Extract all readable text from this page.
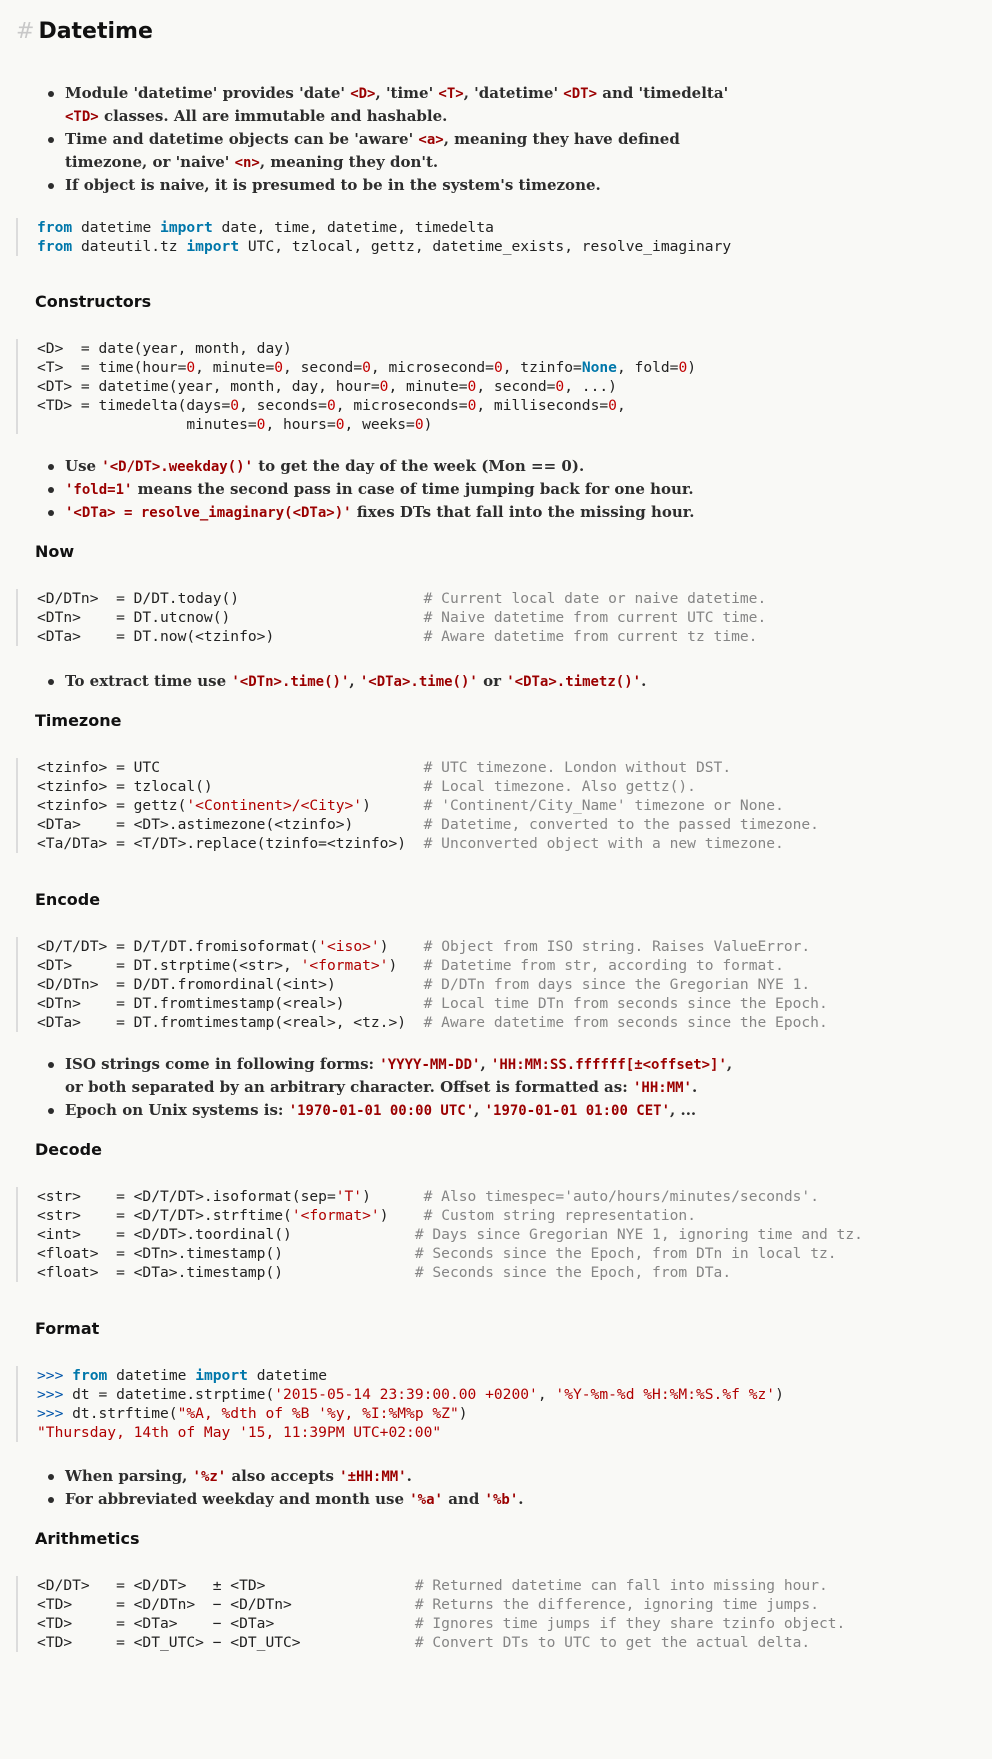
# Datetime
Module 'datetime' provides 'date' <D>, 'time' <T>, 'datetime' <DT> and 'timedelta' <TD> classes. All are immutable and hashable.
Time and datetime objects can be 'aware' <a>, meaning they have defined timezone, or 'naive' <n>, meaning they don't.
If object is naive, it is presumed to be in the system's timezone.
from datetime import date, time, datetime, timedelta
from dateutil.tz import UTC, tzlocal, gettz, datetime_exists, resolve_imaginary
Constructors
<D>  = date(year, month, day)
<T>  = time(hour=0, minute=0, second=0, microsecond=0, tzinfo=None, fold=0)
<DT> = datetime(year, month, day, hour=0, minute=0, second=0, ...)
<TD> = timedelta(days=0, seconds=0, microseconds=0, milliseconds=0,
minutes=0, hours=0, weeks=0)
Use '<D/DT>.weekday()' to get the day of the week (Mon == 0).
'fold=1' means the second pass in case of time jumping back for one hour.
'<DTa> = resolve_imaginary(<DTa>)' fixes DTs that fall into the missing hour.
Now
<D/DTn>  = D/DT.today()                     # Current local date or naive datetime.
<DTn>    = DT.utcnow()	# Naive datetime from current UTC time.
<DTa>    = DT.now(<tzinfo>)	# Aware datetime from current tz time.
To extract time use '<DTn>.time()', '<DTa>.time()' or '<DTa>.timetz()'.
Timezone
<tzinfo> = UTC                              # UTC timezone. London without DST.
<tzinfo> = tzlocal()	# Local timezone. Also gettz().
<tzinfo> = gettz('<Continent>/<City>')      # 'Continent/City_Name' timezone or None.
<DTa>    = <DT>.astimezone(<tzinfo>)	# Datetime, converted to the passed timezone.
<Ta/DTa> = <T/DT>.replace(tzinfo=<tzinfo>)  # Unconverted object with a new timezone.
Encode
<D/T/DT> = D/T/DT.fromisoformat('<iso>')    # Object from ISO string. Raises ValueError.
<DT>     = DT.strptime(<str>, '<format>')   # Datetime from str, according to format.
<D/DTn>  = D/DT.fromordinal(<int>)	# D/DTn from days since the Gregorian NYE 1.
<DTn>    = DT.fromtimestamp(<real>)	# Local time DTn from seconds since the Epoch.
<DTa>    = DT.fromtimestamp(<real>, <tz.>)  # Aware datetime from seconds since the Epoch.
ISO strings come in following forms: 'YYYY-MM-DD', 'HH:MM:SS.ffffff[±<offset>]', or both separated by an arbitrary character. Offset is formatted as: 'HH:MM'.
Epoch on Unix systems is: '1970-01-01 00:00 UTC', '1970-01-01 01:00 CET', ...
Decode
<str>    = <D/T/DT>.isoformat(sep='T')      # Also timespec='auto/hours/minutes/seconds'.
<str>    = <D/T/DT>.strftime('<format>')    # Custom string representation.
<int>    = <D/DT>.toordinal()	# Days since Gregorian NYE 1, ignoring time and tz.
<float>  = <DTn>.timestamp()	# Seconds since the Epoch, from DTn in local tz.
<float>  = <DTa>.timestamp()	# Seconds since the Epoch, from DTa.
Format
>>> from datetime import datetime
>>> dt = datetime.strptime('2015-05-14 23:39:00.00 +0200', '%Y-%m-%d %H:%M:%S.%f %z')
>>> dt.strftime("%A, %dth of %B '%y, %I:%M%p %Z")
"Thursday, 14th of May '15, 11:39PM UTC+02:00"
When parsing, '%z' also accepts '±HH:MM'.
For abbreviated weekday and month use '%a' and '%b'.
Arithmetics
<D/DT>   = <D/DT>   ± <TD>                 # Returned datetime can fall into missing hour.
<TD>     = <D/DTn>  − <D/DTn>	# Returns the difference, ignoring time jumps.
<TD>     = <DTa>    − <DTa>	# Ignores time jumps if they share tzinfo object.
<TD>     = <DT_UTC> − <DT_UTC>	# Convert DTs to UTC to get the actual delta.
